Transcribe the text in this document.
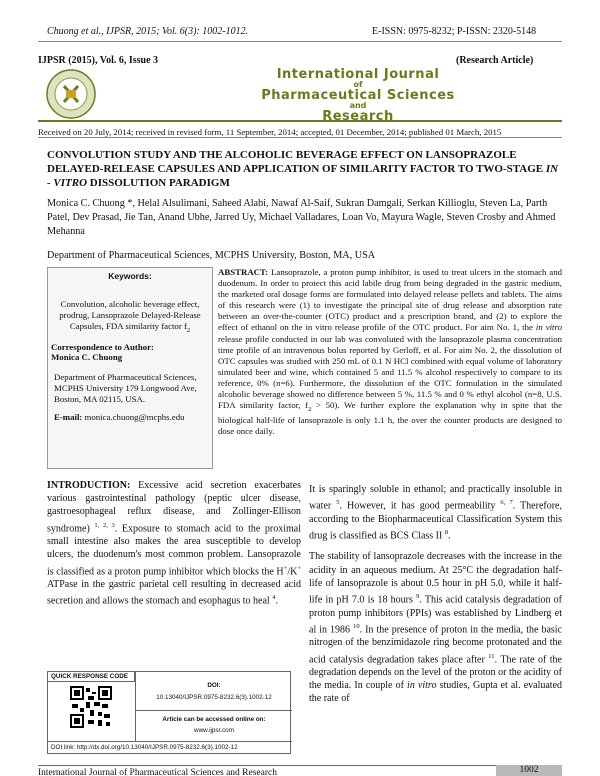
Chuong et al., IJPSR, 2015; Vol. 6(3): 1002-1012.	E-ISSN: 0975-8232; P-ISSN: 2320-5148
IJPSR (2015), Vol. 6, Issue 3	(Research Article)
International Journal
of
Pharmaceutical Sciences
and
Research
Received on 20 July, 2014; received in revised form, 11 September, 2014; accepted, 01 December, 2014; published 01 March, 2015
CONVOLUTION STUDY AND THE ALCOHOLIC BEVERAGE EFFECT ON LANSOPRAZOLE DELAYED-RELEASE CAPSULES AND APPLICATION OF SIMILARITY FACTOR TO TWO-STAGE IN - VITRO DISSOLUTION PARADIGM
Monica C. Chuong *, Helal Alsulimani, Saheed Alabi, Nawaf Al-Saif, Sukran Damgali, Serkan Killioglu, Steven La, Parth Patel, Dev Prasad, Jie Tan, Anand Ubhe, Jarred Uy, Michael Valladares, Loan Vo, Mayura Wagle, Steven Crosby and Ahmed Mehanna
Department of Pharmaceutical Sciences, MCPHS University, Boston, MA, USA
Keywords:
Convolution, alcoholic beverage effect, prodrug, Lansoprazole Delayed-Release Capsules, FDA similarity factor $f_2$
Correspondence to Author:
Monica C. Chuong
Department of Pharmaceutical Sciences, MCPHS University 179 Longwood Ave, Boston, MA 02115, USA.
E-mail: monica.chuong@mcphs.edu
ABSTRACT: Lansoprazole, a proton pump inhibitor, is used to treat ulcers in the stomach and duodenum. In order to protect this acid labile drug from being degraded in the gastric medium, the marketed oral dosage forms are formulated into delayed release pellets and tablets. The aims of this research were (1) to investigate the principal site of drug release and absorption rate between an over-the-counter (OTC) product and a prescription brand, and (2) to explore the effect of ethanol on the in vitro release profile of the OTC product. For aim No. 1, the in vitro release profile conducted in our lab was convoluted with the lansoprazole plasma concentration time profile of an intravenous bolus reported by Gerloff, et al. For aim No. 2, the dissolution of OTC capsules was studied with 250 mL of 0.1 N HCl combined with equal volume of laboratory simulated beer and wine, which contained 5 and 11.5 % alcohol respectively to compare to its reference, 0% (n=6). Furthermore, the dissolution of the OTC formulation in the simulated alcoholic beverage showed no difference between 5 %, 11.5 % and 0 % ethyl alcohol (n=8, U.S. FDA similarity factor, $f_2 > 50$). We further explore the explanation why in spite that the biological half-life of lansoprazole is only 1.1 h, the over the counter products are designed to dose once daily.
INTRODUCTION: Excessive acid secretion exacerbates various gastrointestinal pathology (peptic ulcer disease, gastroesophageal reflux disease, and Zollinger-Ellison syndrome) $^{1, 2, 3}$. Exposure to stomach acid to the proximal small intestine also makes the area susceptible to develop ulcers, the duodenum's most common problem. Lansoprazole is classified as a proton pump inhibitor which blocks the H+/K+ ATPase in the gastric parietal cell resulting in decreased acid secretion and allows the stomach and esophagus to heal $^4$.

It is sparingly soluble in ethanol; and practically insoluble in water $^5$. However, it has good permeability $^{6, 7}$. Therefore, according to the Biopharmaceutical Classification System this drug is classified as BCS Class II $^8$.

The stability of lansoprazole decreases with the increase in the acidity in an aqueous medium. At 25°C the degradation half-life of lansoprazole is about 0.5 hour in pH 5.0, while it half-life in pH 7.0 is 18 hours $^9$. This acid catalysis degradation of proton pump inhibitors (PPIs) was established by Lindberg et al in 1986 $^{10}$. In the presence of proton in the media, the basic nitrogen of the benzimidazole ring become protonated and the acid catalysis degradation takes place after $^{11}$. The rate of the degradation depends on the level of the proton or the acidity of the media. In couple of in vitro studies, Gupta et al. evaluated the rate of

QUICK RESPONSE CODE
DOI:
10.13040/IJPSR.0975-8232.6(3).1002-12
Article can be accessed online on:
www.ijpsr.com
DOI link: http://dx.doi.org/10.13040/IJPSR.0975-8232.6(3).1002-12
International Journal of Pharmaceutical Sciences and Research	1002
